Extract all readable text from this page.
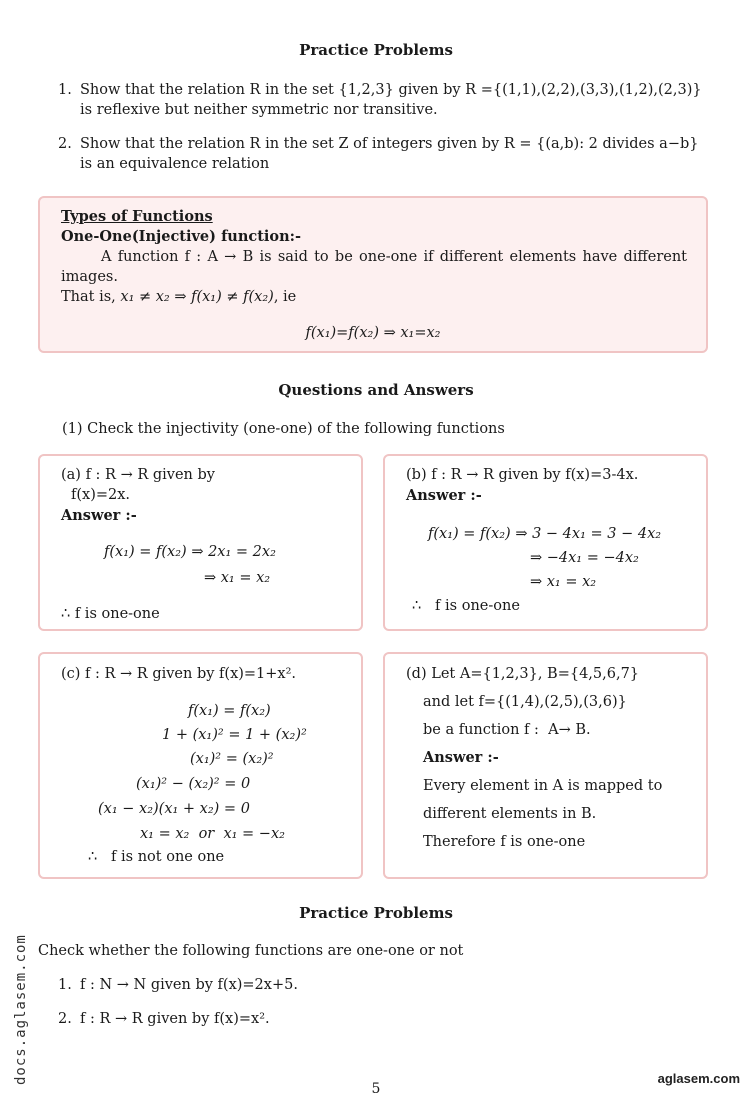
Practice Problems
1. Show that the relation R in the set {1,2,3} given by R ={(1,1),(2,2),(3,3),(1,2),(2,3)} is reflexive but neither symmetric nor transitive.
2. Show that the relation R in the set Z of integers given by R = {(a,b): 2 divides a−b} is an equivalence relation
Types of Functions
One-One(Injective) function:-
A function f : A → B is said to be one-one if different elements have different images.
That is, x₁ ≠ x₂ ⇒ f(x₁) ≠ f(x₂), ie
f(x₁)=f(x₂) ⇒ x₁=x₂
Questions and Answers
(1) Check the injectivity (one-one) of the following functions
(a) f : R → R given by
f(x)=2x.
Answer :-
f(x₁) = f(x₂) ⇒ 2x₁ = 2x₂
⇒ x₁ = x₂
∴ f is one-one
(b) f : R → R given by f(x)=3-4x.
Answer :-
f(x₁) = f(x₂) ⇒ 3 − 4x₁ = 3 − 4x₂
⇒ −4x₁ = −4x₂
⇒ x₁ = x₂
∴   f is one-one
(c) f : R → R given by f(x)=1+x².
f(x₁) = f(x₂)
1 + (x₁)² = 1 + (x₂)²
(x₁)² = (x₂)²
(x₁)² − (x₂)² = 0
(x₁ − x₂)(x₁ + x₂) = 0
x₁ = x₂  or  x₁ = −x₂
∴   f is not one one
(d) Let A={1,2,3}, B={4,5,6,7}
and let f={(1,4),(2,5),(3,6)}
be a function f :  A→ B.
Answer :-
Every element in A is mapped to
different elements in B.
Therefore f is one-one
Practice Problems
Check whether the following functions are one-one or not
1. f : N → N given by f(x)=2x+5.
2. f : R → R given by f(x)=x².
docs.aglasem.com
5
aglasem.com
